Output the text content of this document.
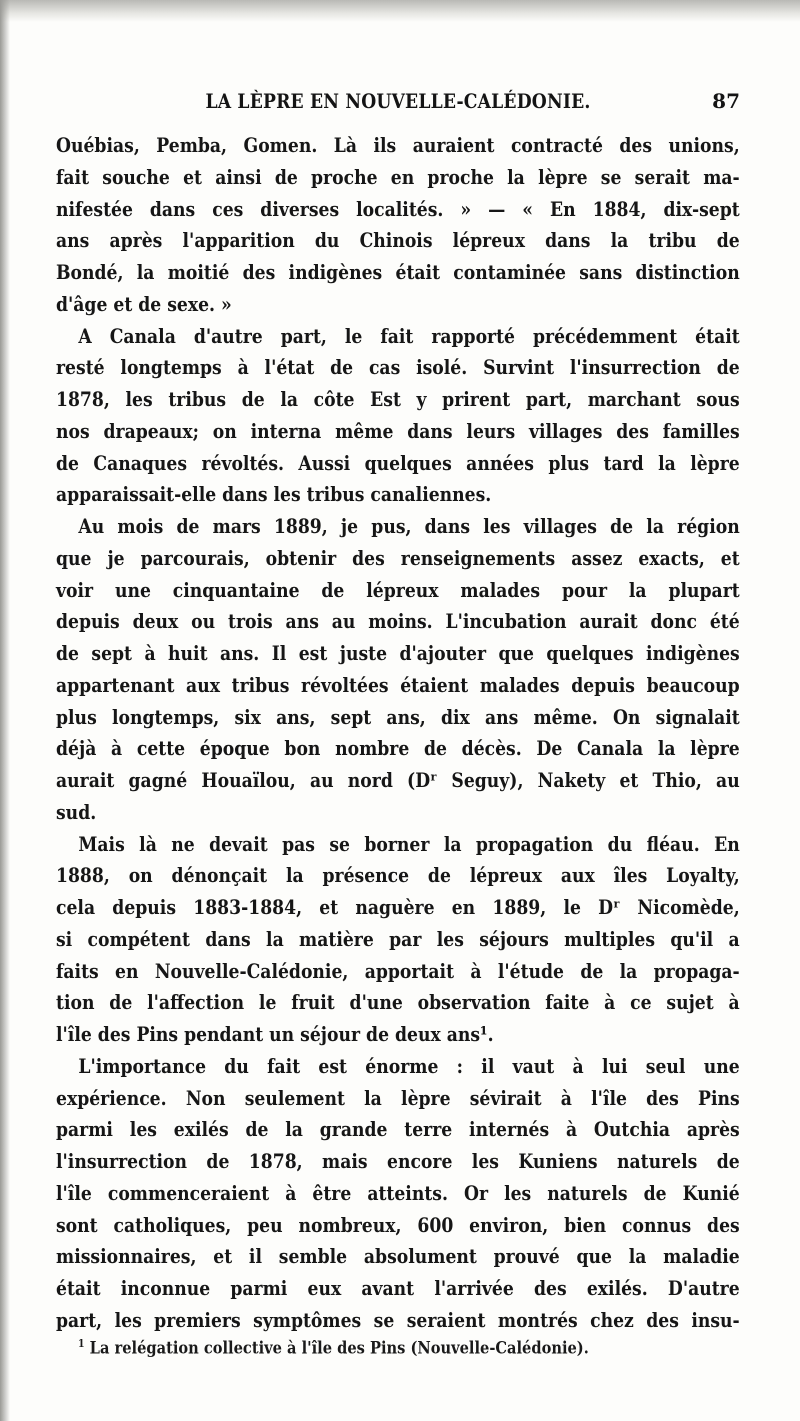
LA LÈPRE EN NOUVELLE-CALÉDONIE.	87
Ouébias, Pemba, Gomen. Là ils auraient contracté des unions,
fait souche et ainsi de proche en proche la lèpre se serait ma-
nifestée dans ces diverses localités. » — « En 1884, dix-sept
ans après l'apparition du Chinois lépreux dans la tribu de
Bondé, la moitié des indigènes était contaminée sans distinction
d'âge et de sexe. »
A Canala d'autre part, le fait rapporté précédemment était
resté longtemps à l'état de cas isolé. Survint l'insurrection de
1878, les tribus de la côte Est y prirent part, marchant sous
nos drapeaux; on interna même dans leurs villages des familles
de Canaques révoltés. Aussi quelques années plus tard la lèpre
apparaissait-elle dans les tribus canaliennes.
Au mois de mars 1889, je pus, dans les villages de la région
que je parcourais, obtenir des renseignements assez exacts, et
voir une cinquantaine de lépreux malades pour la plupart
depuis deux ou trois ans au moins. L'incubation aurait donc été
de sept à huit ans. Il est juste d'ajouter que quelques indigènes
appartenant aux tribus révoltées étaient malades depuis beaucoup
plus longtemps, six ans, sept ans, dix ans même. On signalait
déjà à cette époque bon nombre de décès. De Canala la lèpre
aurait gagné Houaïlou, au nord (Dʳ Seguy), Nakety et Thio, au
sud.
Mais là ne devait pas se borner la propagation du fléau. En
1888, on dénonçait la présence de lépreux aux îles Loyalty,
cela depuis 1883-1884, et naguère en 1889, le Dʳ Nicomède,
si compétent dans la matière par les séjours multiples qu'il a
faits en Nouvelle-Calédonie, apportait à l'étude de la propaga-
tion de l'affection le fruit d'une observation faite à ce sujet à
l'île des Pins pendant un séjour de deux ans¹.
L'importance du fait est énorme : il vaut à lui seul une
expérience. Non seulement la lèpre sévirait à l'île des Pins
parmi les exilés de la grande terre internés à Outchia après
l'insurrection de 1878, mais encore les Kuniens naturels de
l'île commenceraient à être atteints. Or les naturels de Kunié
sont catholiques, peu nombreux, 600 environ, bien connus des
missionnaires, et il semble absolument prouvé que la maladie
était inconnue parmi eux avant l'arrivée des exilés. D'autre
part, les premiers symptômes se seraient montrés chez des insu-
$^1$ La relégation collective à l'île des Pins (Nouvelle-Calédonie).
